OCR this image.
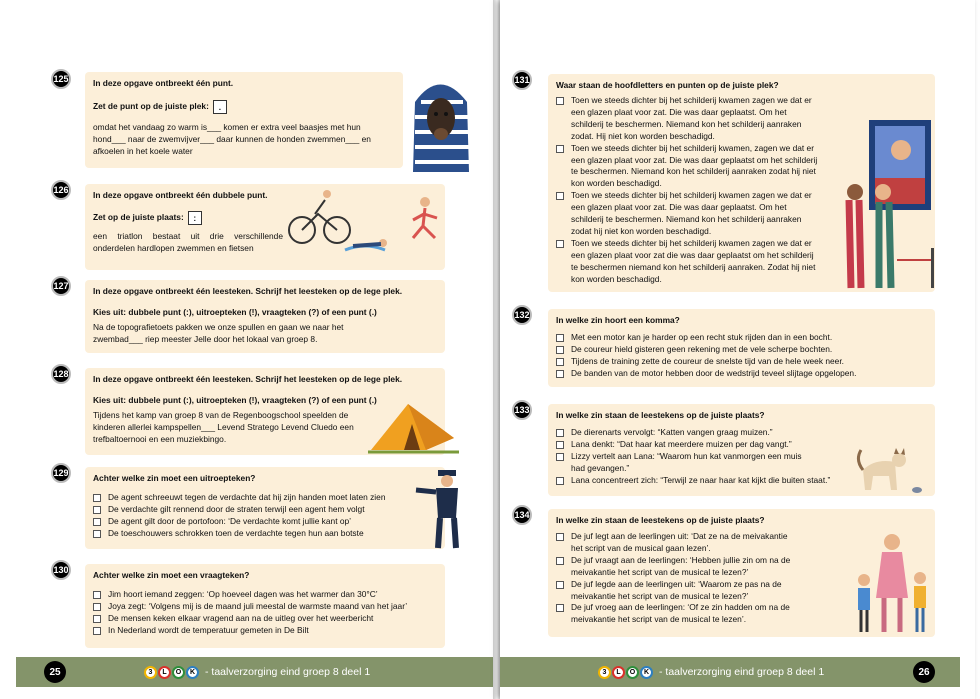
125	In deze opgave ontbreekt één punt.

Zet de punt op de juiste plek: .

omdat het vandaag zo warm is___ komen er extra veel baasjes met hun hond___ naar de zwemvijver___ daar kunnen de honden zwemmen___ en afkoelen in het koele water

126	In deze opgave ontbreekt één dubbele punt.

Zet op de juiste plaats: :

een triatlon bestaat uit drie verschillende onderdelen hardlopen zwemmen en fietsen

127	In deze opgave ontbreekt één leesteken. Schrijf het leesteken op de lege plek.

Kies uit: dubbele punt (:), uitroepteken (!), vraagteken (?) of een punt (.)

Na de topografietoets pakken we onze spullen en gaan we naar het zwembad___ riep meester Jelle door het lokaal van groep 8.

128	In deze opgave ontbreekt één leesteken. Schrijf het leesteken op de lege plek.

Kies uit: dubbele punt (:), uitroepteken (!), vraagteken (?) of een punt (.)

Tijdens het kamp van groep 8 van de Regenboogschool speelden de kinderen allerlei kampspellen___ Levend Stratego Levend Cluedo een trefbaltoernooi en een muziekbingo.

129	Achter welke zin moet een uitroepteken?

De agent schreeuwt tegen de verdachte dat hij zijn handen moet laten zien
De verdachte gilt rennend door de straten terwijl een agent hem volgt
De agent gilt door de portofoon: ‘De verdachte komt jullie kant op’
De toeschouwers schrokken toen de verdachte tegen hun aan botste
130	Achter welke zin moet een vraagteken?

Jim hoort iemand zeggen: ‘Op hoeveel dagen was het warmer dan 30°C’
Joya zegt: ‘Volgens mij is de maand juli meestal de warmste maand van het jaar’
De mensen keken elkaar vragend aan na de uitleg over het weerbericht
In Nederland wordt de temperatuur gemeten in De Bilt
25	3	L	O	K - taalverzorging eind groep 8 deel 1
131	Waar staan de hoofdletters en punten op de juiste plek?

Toen we steeds dichter bij het schilderij kwamen zagen we dat er een glazen plaat voor zat. Die was daar geplaatst. Om het schilderij te beschermen. Niemand kon het schilderij aanraken zodat. Hij niet kon worden beschadigd.
Toen we steeds dichter bij het schilderij kwamen, zagen we dat er een glazen plaat voor zat. Die was daar geplaatst om het schilderij te beschermen. Niemand kon het schilderij aanraken zodat hij niet kon worden beschadigd.
Toen we steeds dichter bij het schilderij kwamen zagen we dat er een glazen plaat voor zat. Die was daar geplaatst. Om het schilderij te beschermen. Niemand kon het schilderij aanraken zodat hij niet kon worden beschadigd.
Toen we steeds dichter bij het schilderij kwamen zagen we dat er een glazen plaat voor zat die was daar geplaatst om het schilderij te beschermen niemand kon het schilderij aanraken. Zodat hij niet kon worden beschadigd.
132	In welke zin hoort een komma?

Met een motor kan je harder op een recht stuk rijden dan in een bocht.
De coureur hield gisteren geen rekening met de vele scherpe bochten.
Tijdens de training zette de coureur de snelste tijd van de hele week neer.
De banden van de motor hebben door de wedstrijd teveel slijtage opgelopen.
133	In welke zin staan de leestekens op de juiste plaats?

De dierenarts vervolgt: “Katten vangen graag muizen.”
Lana denkt: “Dat haar kat meerdere muizen per dag vangt.”
Lizzy vertelt aan Lana: “Waarom hun kat vanmorgen een muis had gevangen.”
Lana concentreert zich: “Terwijl ze naar haar kat kijkt die buiten staat.”
134	In welke zin staan de leestekens op de juiste plaats?

De juf legt aan de leerlingen uit: ‘Dat ze na de meivakantie het script van de musical gaan lezen’.
De juf vraagt aan de leerlingen: ‘Hebben jullie zin om na de meivakantie het script van de musical te lezen?’
De juf legde aan de leerlingen uit: ‘Waarom ze pas na de meivakantie het script van de musical te lezen?’
De juf vroeg aan de leerlingen: ‘Of ze zin hadden om na de meivakantie het script van de musical te lezen’.
3	L	O	K - taalverzorging eind groep 8 deel 1	26
